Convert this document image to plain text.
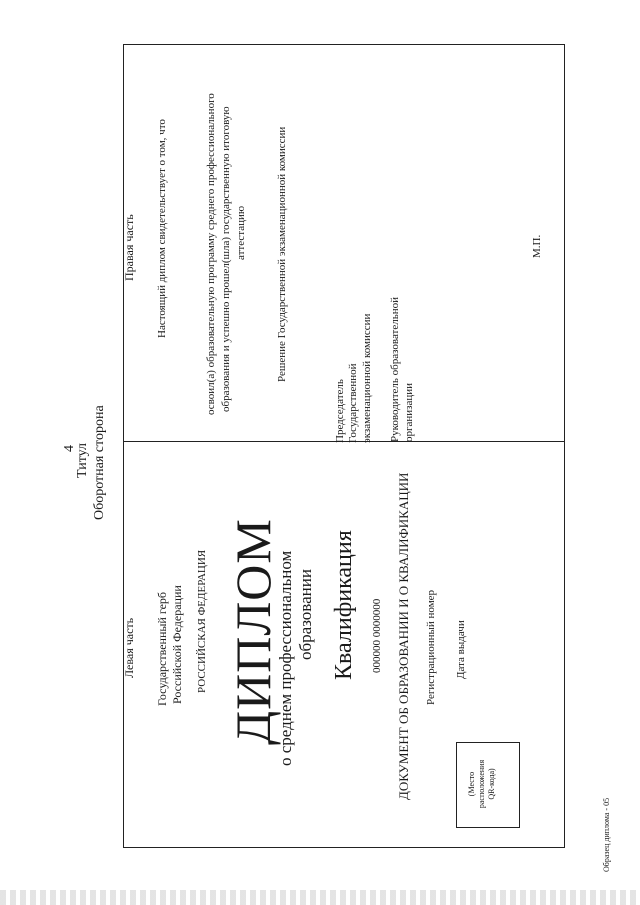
4
Титул Оборотная сторона
Левая часть
Правая часть
Государственный герб Российской Федерации РОССИЙСКАЯ ФЕДЕРАЦИЯ ДИПЛОМ
о среднем профессиональном образовании Квалификация 000000 0000000 ДОКУМЕНТ ОБ ОБРАЗОВАНИИ И О КВАЛИФИКАЦИИ Регистрационный номер Дата выдачи
(Место расположения QR-кода)
Настоящий диплом свидетельствует о том, что	освоил(а) образовательную программу среднего профессионального образования и успешно прошел(шла) государственную итоговую аттестацию	Решение Государственной экзаменационной комиссии
Председатель Государственной экзаменационной комиссии Руководитель образовательной организации
М.П.
Образец диплома - 05
